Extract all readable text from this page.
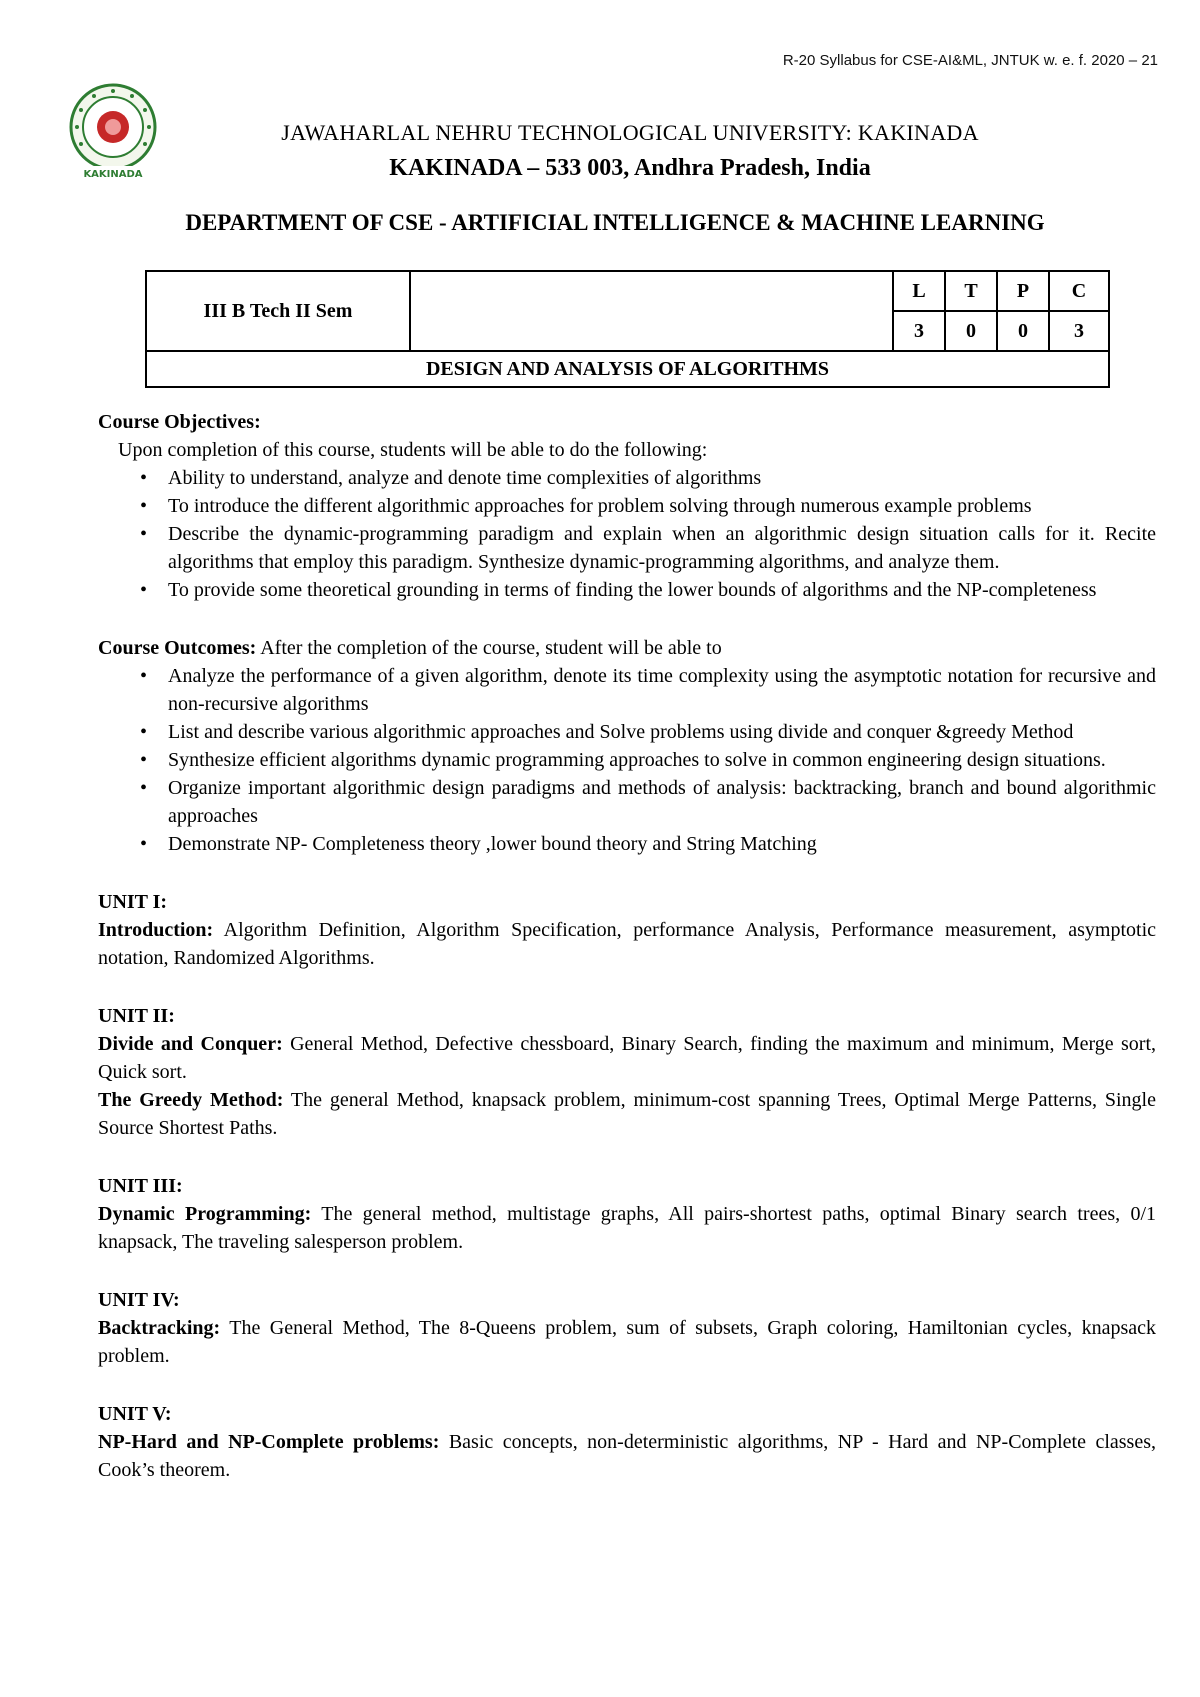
R-20 Syllabus for CSE-AI&ML, JNTUK w. e. f. 2020 – 21
KAKINADA
JAWAHARLAL NEHRU TECHNOLOGICAL UNIVERSITY: KAKINADA
KAKINADA – 533 003, Andhra Pradesh, India
DEPARTMENT OF CSE - ARTIFICIAL INTELLIGENCE & MACHINE LEARNING
III B Tech II Sem		L	T	P	C
		3	0	0	3
DESIGN AND ANALYSIS OF ALGORITHMS					

Course Objectives:

Upon completion of this course, students will be able to do the following:

• Ability to understand, analyze and denote time complexities of algorithms
• To introduce the different algorithmic approaches for problem solving through numerous example problems
• Describe the dynamic-programming paradigm and explain when an algorithmic design situation calls for it. Recite algorithms that employ this paradigm. Synthesize dynamic-programming algorithms, and analyze them.
• To provide some theoretical grounding in terms of finding the lower bounds of algorithms and the NP-completeness

Course Outcomes: After the completion of the course, student will be able to

• Analyze the performance of a given algorithm, denote its time complexity using the asymptotic notation for recursive and non-recursive algorithms
• List and describe various algorithmic approaches and Solve problems using divide and conquer &greedy Method
• Synthesize efficient algorithms dynamic programming approaches to solve in common engineering design situations.
• Organize important algorithmic design paradigms and methods of analysis: backtracking, branch and bound algorithmic approaches
• Demonstrate NP- Completeness theory ,lower bound theory and String Matching

UNIT I:

Introduction: Algorithm Definition, Algorithm Specification, performance Analysis, Performance measurement, asymptotic notation, Randomized Algorithms.

UNIT II:

Divide and Conquer: General Method, Defective chessboard, Binary Search, finding the maximum and minimum, Merge sort, Quick sort.

The Greedy Method: The general Method, knapsack problem, minimum-cost spanning Trees, Optimal Merge Patterns, Single Source Shortest Paths.

UNIT III:

Dynamic Programming: The general method, multistage graphs, All pairs-shortest paths, optimal Binary search trees, 0/1 knapsack, The traveling salesperson problem.

UNIT IV:

Backtracking: The General Method, The 8-Queens problem, sum of subsets, Graph coloring, Hamiltonian cycles, knapsack problem.

UNIT V:

NP-Hard and NP-Complete problems: Basic concepts, non-deterministic algorithms, NP - Hard and NP-Complete classes, Cook’s theorem.
